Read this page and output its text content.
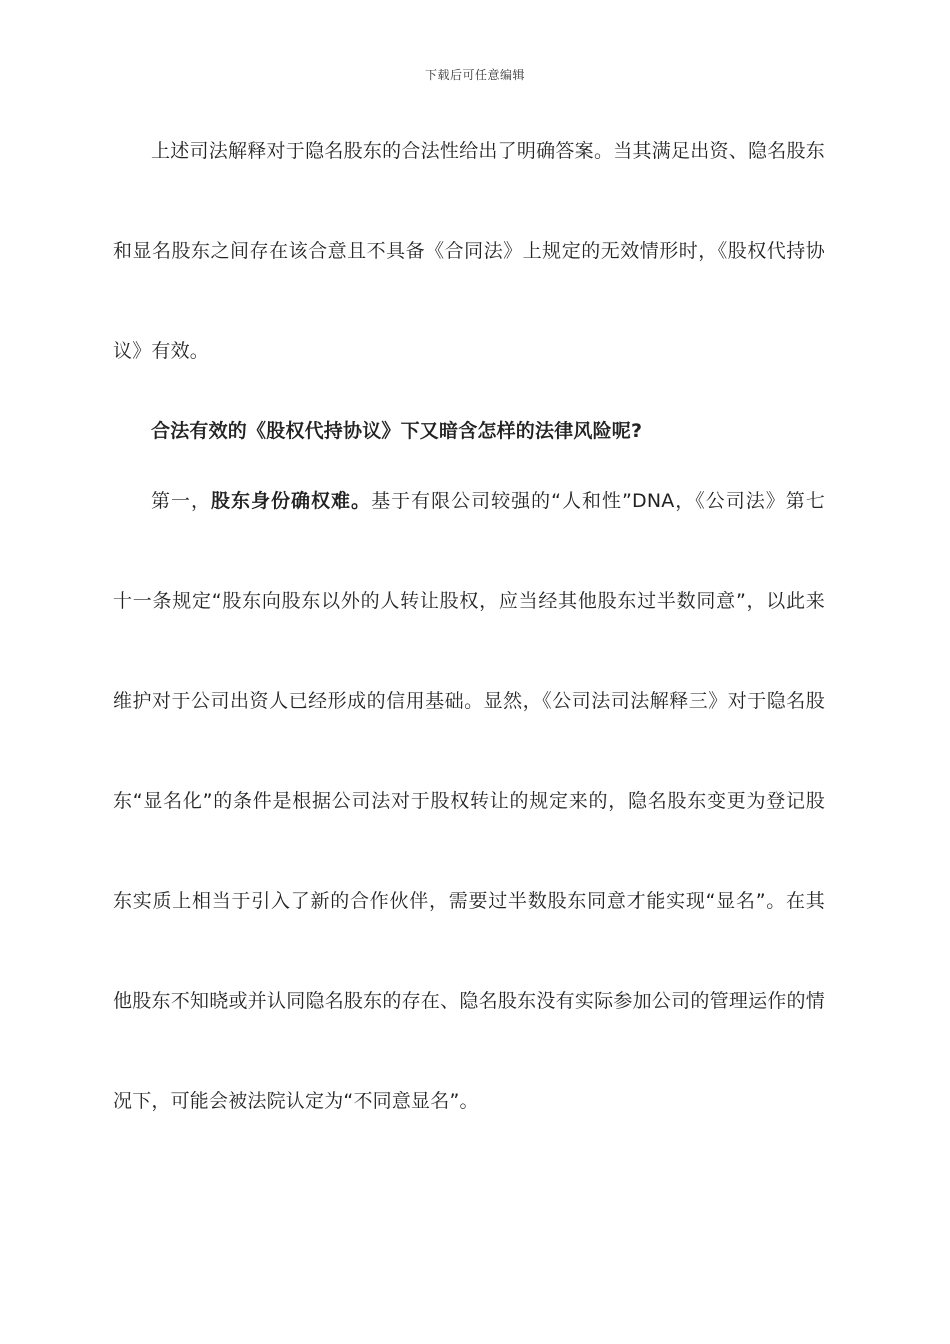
下载后可任意编辑
上述司法解释对于隐名股东的合法性给出了明确答案。当其满足出资、隐名股东
和显名股东之间存在该合意且不具备《合同法》上规定的无效情形时，《股权代持协
议》有效。
合法有效的《股权代持协议》下又暗含怎样的法律风险呢?
第一，股东身份确权难。基于有限公司较强的“人和性”DNA，《公司法》第七
十一条规定“股东向股东以外的人转让股权，应当经其他股东过半数同意”，以此来
维护对于公司出资人已经形成的信用基础。显然，《公司法司法解释三》对于隐名股
东“显名化”的条件是根据公司法对于股权转让的规定来的，隐名股东变更为登记股
东实质上相当于引入了新的合作伙伴，需要过半数股东同意才能实现“显名”。在其
他股东不知晓或并认同隐名股东的存在、隐名股东没有实际参加公司的管理运作的情
况下，可能会被法院认定为“不同意显名”。
